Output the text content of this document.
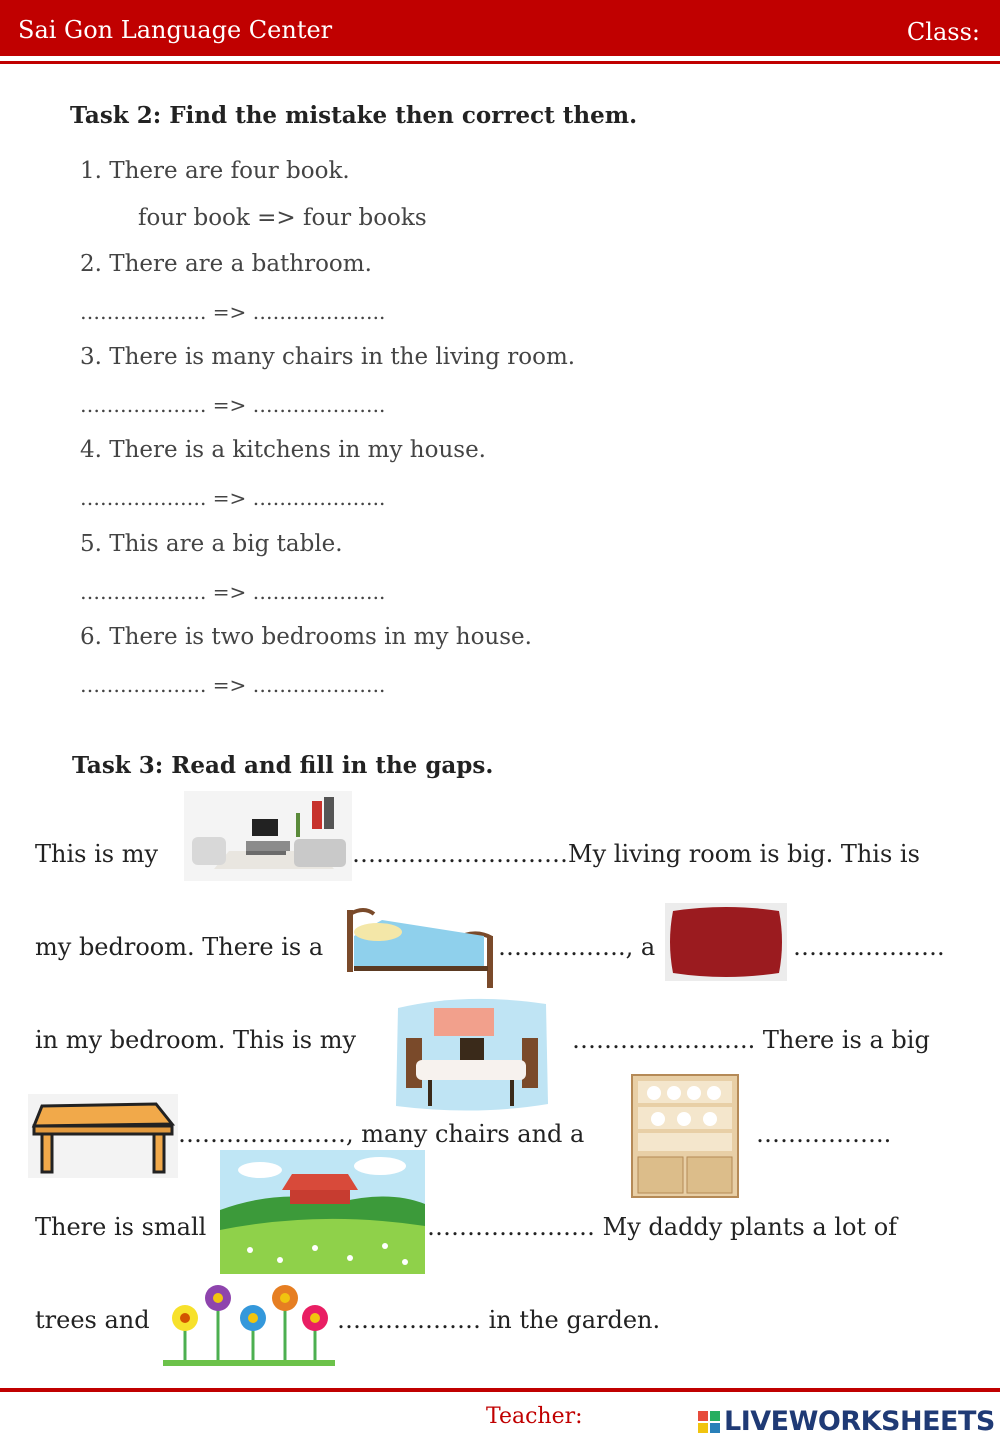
Sai Gon Language Center	Class:
Task 2: Find the mistake then correct them.
1. There are four book.
four book => four books
2. There are a bathroom.
………………. => ………………..
3. There is many chairs in the living room.
………………. => ………………..
4. There is a kitchens in my house.
………………. => ………………..
5. This are a big table.
………………. => ………………..
6. There is two bedrooms in my house.
………………. => ………………..
Task 3: Read and fill in the gaps.
This is my	………………………My living room is big. This is
my bedroom. There is a	……………., a	……………….
in my bedroom. This is my	………………….. There is a big
…………………, many chairs and a	……………..
There is small	………………… My daddy plants a lot of
trees and	……………… in the garden.
Teacher:	LIVEWORKSHEETS
